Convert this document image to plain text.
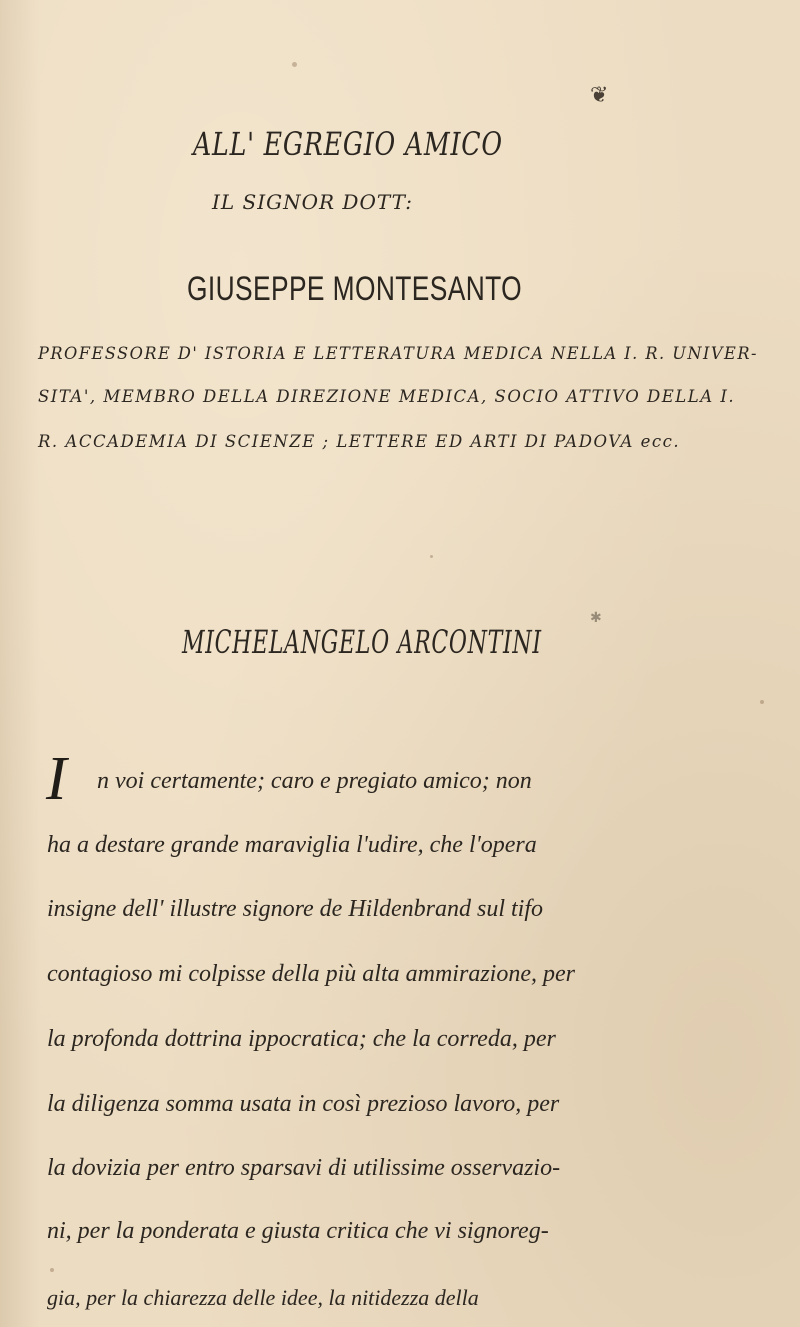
❦

ALL' EGREGIO AMICO

IL SIGNOR DOTT:

GIUSEPPE MONTESANTO

PROFESSORE D' ISTORIA E LETTERATURA MEDICA NELLA I. R. UNIVER-

SITA', MEMBRO DELLA DIREZIONE MEDICA, SOCIO ATTIVO DELLA I.

R. ACCADEMIA DI SCIENZE ; LETTERE ED ARTI DI PADOVA ecc.

✱

MICHELANGELO ARCONTINI

I n voi certamente; caro e pregiato amico; non

ha a destare grande maraviglia l'udire, che l'opera

insigne dell' illustre signore de Hildenbrand sul tifo

contagioso mi colpisse della più alta ammirazione, per

la profonda dottrina ippocratica; che la correda, per

la diligenza somma usata in così prezioso lavoro, per

la dovizia per entro sparsavi di utilissime osservazio-

ni, per la ponderata e giusta critica che vi signoreg-

gia, per la chiarezza delle idee, la nitidezza della
